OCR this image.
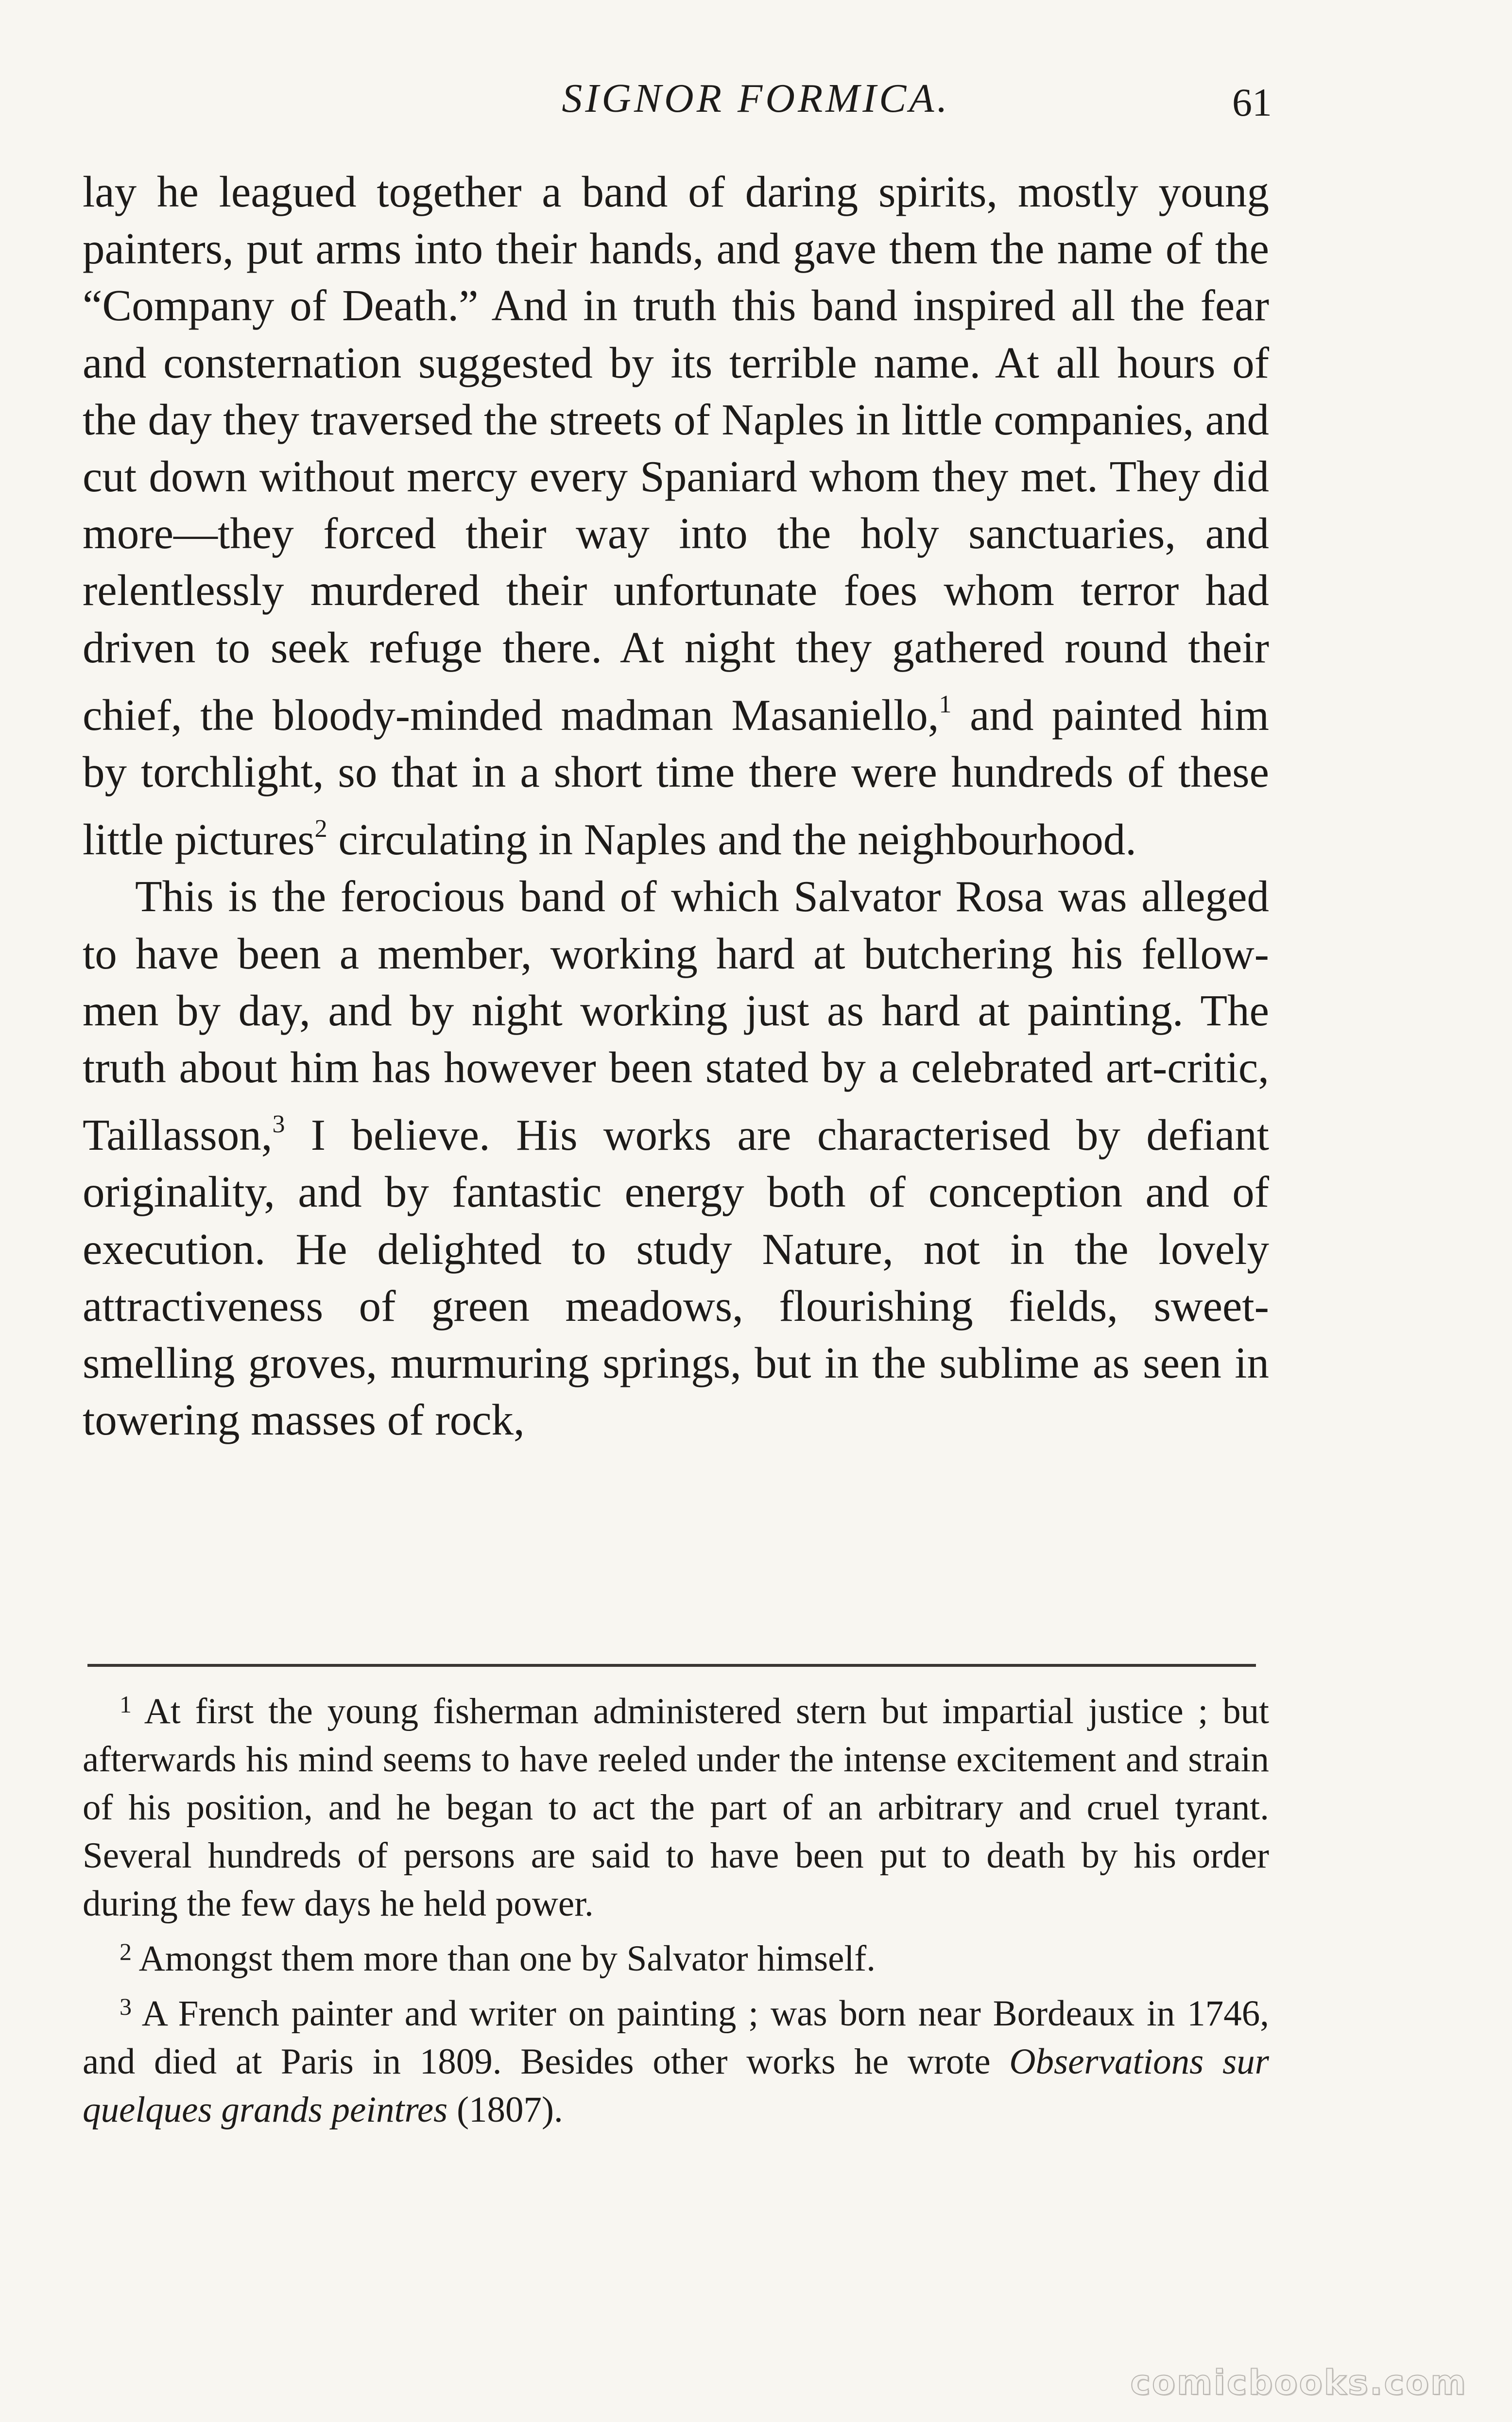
SIGNOR FORMICA.	61

lay he leagued together a band of daring spirits, mostly young painters, put arms into their hands, and gave them the name of the “Company of Death.” And in truth this band inspired all the fear and consternation suggested by its terrible name. At all hours of the day they traversed the streets of Naples in little companies, and cut down without mercy every Spaniard whom they met. They did more—they forced their way into the holy sanctuaries, and relentlessly murdered their unfortunate foes whom terror had driven to seek refuge there. At night they gathered round their chief, the bloody-minded madman Masaniello,$^1$ and painted him by torchlight, so that in a short time there were hundreds of these little pictures$^2$ circulating in Naples and the neighbourhood.

This is the ferocious band of which Salvator Rosa was alleged to have been a member, working hard at butchering his fellow-men by day, and by night working just as hard at painting. The truth about him has however been stated by a celebrated art-critic, Taillasson,$^3$ I believe. His works are characterised by defiant originality, and by fantastic energy both of conception and of execution. He delighted to study Nature, not in the lovely attractiveness of green meadows, flourishing fields, sweet-smelling groves, murmuring springs, but in the sublime as seen in towering masses of rock,

$^1$ At first the young fisherman administered stern but impartial justice ; but afterwards his mind seems to have reeled under the intense excitement and strain of his position, and he began to act the part of an arbitrary and cruel tyrant. Several hundreds of persons are said to have been put to death by his order during the few days he held power.

$^2$ Amongst them more than one by Salvator himself.

$^3$ A French painter and writer on painting ; was born near Bordeaux in 1746, and died at Paris in 1809. Besides other works he wrote Observations sur quelques grands peintres (1807).

comicbooks.com
